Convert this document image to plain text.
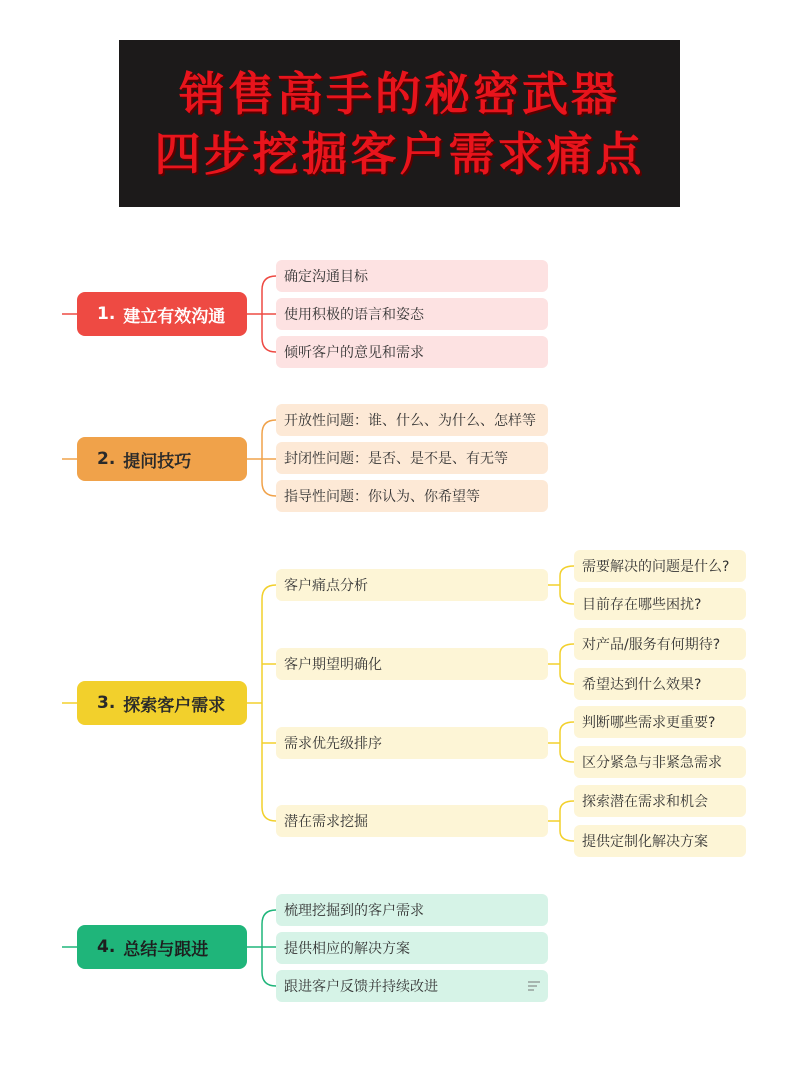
销售高手的秘密武器
四步挖掘客户需求痛点
1. 建立有效沟通
确定沟通目标
使用积极的语言和姿态
倾听客户的意见和需求
2. 提问技巧
开放性问题：谁、什么、为什么、怎样等
封闭性问题：是否、是不是、有无等
指导性问题：你认为、你希望等
3. 探索客户需求
客户痛点分析
需要解决的问题是什么?
目前存在哪些困扰?
客户期望明确化
对产品/服务有何期待?
希望达到什么效果?
需求优先级排序
判断哪些需求更重要?
区分紧急与非紧急需求
潜在需求挖掘
探索潜在需求和机会
提供定制化解决方案
4. 总结与跟进
梳理挖掘到的客户需求
提供相应的解决方案
跟进客户反馈并持续改进
